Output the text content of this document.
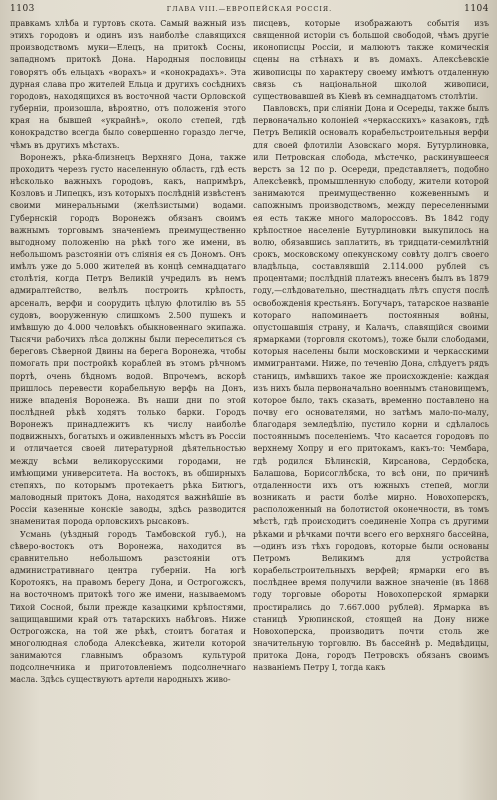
1103	ГЛАВА VIII.—ЕВРОПЕЙСКАЯ РОССІЯ.	1104

правкамъ хлѣба и гуртовъ скота. Самый важный изъ этихъ городовъ и одинъ изъ наиболѣе славящихся производствомъ муки—Елецъ, на притокѣ Сосны, западномъ притокѣ Дона. Народныя пословицы говорятъ объ ельцахъ «ворахъ» и «конокрадахъ». Эта дурная слава про жителей Ельца и другихъ сосѣднихъ городовъ, находящихся въ восточной части Орловской губерніи, произошла, вѣроятно, отъ положенія этого края на бывшей «украйнѣ», около степей, гдѣ конокрадство всегда было совершенно гораздо легче, чѣмъ въ другихъ мѣстахъ.

Воронежъ, рѣка-близнецъ Верхняго Дона, также проходитъ черезъ густо населенную область, гдѣ есть нѣсколько важныхъ городовъ, какъ, напримѣръ, Козловъ и Липецкъ, изъ которыхъ послѣдній извѣстенъ своими минеральными (желѣзистыми) водами. Губернскій городъ Воронежъ обязанъ своимъ важнымъ торговымъ значеніемъ преимущественно выгодному положенію на рѣкѣ того же имени, въ небольшомъ разстояніи отъ сліянія ея съ Дономъ. Онъ имѣлъ уже до 5.000 жителей въ концѣ семнадцатаго столѣтія, когда Петръ Великій учредилъ въ немъ адмиралтейство, велѣлъ построить крѣпость, арсеналъ, верфи и соорудить цѣлую флотилію въ 55 судовъ, вооруженную слишкомъ 2.500 пушекъ и имѣвшую до 4.000 человѣкъ обыкновеннаго экипажа. Тысячи рабочихъ лѣса должны были переселиться съ береговъ Сѣверной Двины на берега Воронежа, чтобы помогать при постройкѣ кораблей въ этомъ рѣчномъ портѣ, очень бѣдномъ водой. Впрочемъ, вскорѣ пришлось перевести корабельную верфь на Донъ, ниже впаденія Воронежа. Въ наши дни по этой послѣдней рѣкѣ ходятъ только барки. Городъ Воронежъ принадлежитъ къ числу наиболѣе подвижныхъ, богатыхъ и оживленныхъ мѣстъ въ Россіи и отличается своей литературной дѣятельностью между всѣми великорусскими городами, не имѣющими университета. На востокъ, въ обширныхъ степяхъ, по которымъ протекаетъ рѣка Битюгъ, маловодный притокъ Дона, находятся важнѣйшіе въ Россіи казенные конскіе заводы, здѣсь разводится знаменитая порода орловскихъ рысаковъ.

Усмань (уѣздный городъ Тамбовской губ.), на сѣверо-востокъ отъ Воронежа, находится въ сравнительно небольшомъ разстояніи отъ административнаго центра губерніи. На югѣ Коротоякъ, на правомъ берегу Дона, и Острогожскъ, на восточномъ притокѣ того же имени, называемомъ Тихой Сосной, были прежде казацкими крѣпостями, защищавшими край отъ татарскихъ набѣговъ. Ниже Острогожска, на той же рѣкѣ, стоитъ богатая и многолюдная слобода Алексѣевка, жители которой занимаются главнымъ образомъ культурой подсолнечника и приготовленіемъ подсолнечнаго масла. Здѣсь существуютъ артели народныхъ живо-

писцевъ, которые изображаютъ событія изъ священной исторіи съ большой свободой, чѣмъ другіе иконописцы Россіи, и малюютъ также комическія сцены на стѣнахъ и въ домахъ. Алексѣевскіе живописцы по характеру своему имѣютъ отдаленную связь съ національной школой живописи, существовавшей въ Кіевѣ въ семнадцатомъ столѣтіи.

Павловскъ, при сліяніи Дона и Осереды, также былъ первоначально колоніей «черкасскихъ» казаковъ, гдѣ Петръ Великій основалъ корабельстроительныя верфи для своей флотиліи Азовскаго моря. Бутурлиновка, или Петровская слобода, мѣстечко, раскинувшееся верстъ за 12 по р. Осереди, представляетъ, подобно Алексѣевкѣ, промышленную слободу, жители которой занимаются преимущественно кожевеннымъ и сапожнымъ производствомъ, между переселенными ея есть также много малороссовъ. Въ 1842 году крѣпостное населеніе Бутурлиновки выкупилось на волю, обязавшись заплатить, въ тридцати-семилѣтній срокъ, московскому опекунскому совѣту долгъ своего владѣльца, составлявшій 2.114.000 рублей съ процентами; послѣдній платежъ внесенъ былъ въ 1879 году,—слѣдовательно, шестнадцать лѣтъ спустя послѣ освобожденія крестьянъ. Богучаръ, татарское названіе котораго напоминаетъ постоянныя войны, опустошавшія страну, и Калачъ, славящійся своими ярмарками (торговля скотомъ), тоже были слободами, которыя населены были московскими и черкасскими иммигрантами. Ниже, по теченію Дона, слѣдуетъ рядъ станицъ, имѣвшихъ такое же происхожденіе: каждая изъ нихъ была первоначально военнымъ становищемъ, которое было, такъ сказать, временно поставлено на почву его основателями, но затѣмъ мало-по-малу, благодаря земледѣлію, пустило корни и сдѣлалось постояннымъ поселеніемъ. Что касается городовъ по верхнему Хопру и его притокамъ, какъ-то: Чембара, гдѣ родился Бѣлинскій, Кирсанова, Сердобска, Балашова, Борисоглѣбска, то всѣ они, по причинѣ отдаленности ихъ отъ южныхъ степей, могли возникать и расти болѣе мирно. Новохоперскъ, расположенный на болотистой оконечности, въ томъ мѣстѣ, гдѣ происходитъ соединеніе Хопра съ другими рѣками и рѣчками почти всего его верхняго бассейна,—одинъ изъ тѣхъ городовъ, которые были основаны Петромъ Великимъ для устройства корабельстроительныхъ верфей; ярмарки его въ послѣднее время получили важное значеніе (въ 1868 году торговые обороты Новохоперской ярмарки простирались до 7.667.000 рублей). Ярмарка въ станицѣ Урюпинской, стоящей на Дону ниже Новохоперска, производитъ почти столь же значительную торговлю. Въ бассейнѣ р. Медвѣдицы, притока Дона, городъ Петровскъ обязанъ своимъ названіемъ Петру I, тогда какъ
